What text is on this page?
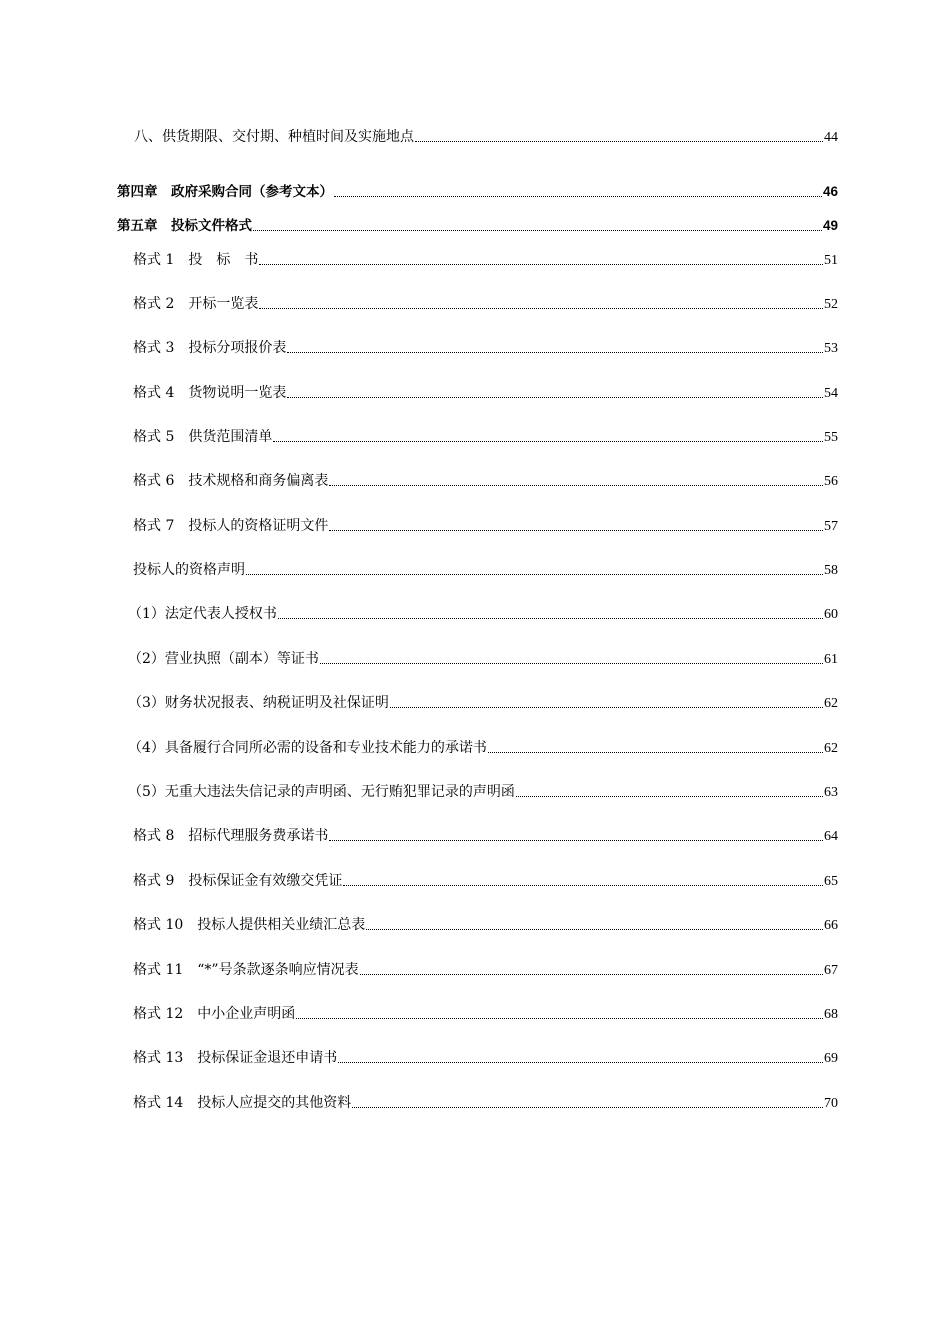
八、供货期限、交付期、种植时间及实施地点	44
第四章　政府采购合同（参考文本）	46
第五章　投标文件格式	49
格式 1　投　标　书	51
格式 2　开标一览表	52
格式 3　投标分项报价表	53
格式 4　货物说明一览表	54
格式 5　供货范围清单	55
格式 6　技术规格和商务偏离表	56
格式 7　投标人的资格证明文件	57
投标人的资格声明	58
（1）法定代表人授权书	60
（2）营业执照（副本）等证书	61
（3）财务状况报表、纳税证明及社保证明	62
（4）具备履行合同所必需的设备和专业技术能力的承诺书	62
（5）无重大违法失信记录的声明函、无行贿犯罪记录的声明函	63
格式 8　招标代理服务费承诺书	64
格式 9　投标保证金有效缴交凭证	65
格式 10　投标人提供相关业绩汇总表	66
格式 11　“*”号条款逐条响应情况表	67
格式 12　中小企业声明函	68
格式 13　投标保证金退还申请书	69
格式 14　投标人应提交的其他资料	70
